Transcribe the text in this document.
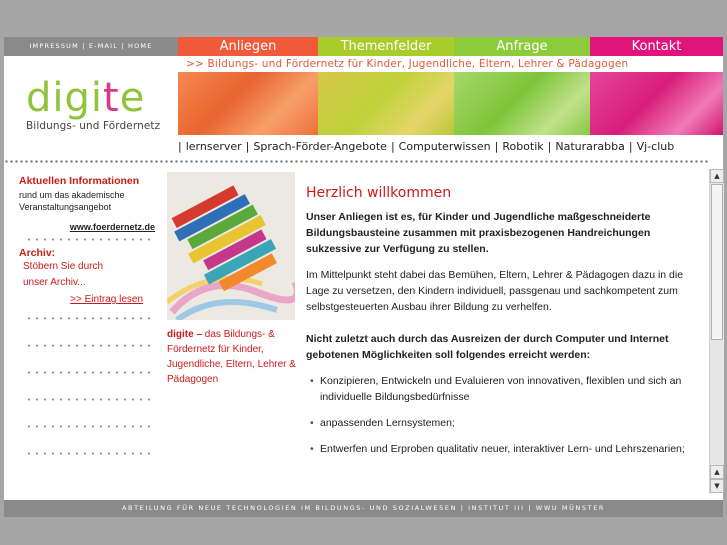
IMPRESSUM | E-MAIL | HOME	Anliegen	Themenfelder	Anfrage	Kontakt
>> Bildungs- und Fördernetz für Kinder, Jugendliche, Eltern, Lehrer & Pädagogen
digite
Bildungs- und Fördernetz
| lernserver | Sprach-Förder-Angebote | Computerwissen | Robotik | Naturarabba | Vj-club
Aktuellen Informationen
rund um das akademische Veranstaltungsangebot
www.foerdernetz.de
Archiv:
Stöbern Sie durch unser Archiv...
>> Eintrag lesen
digite – das Bildungs- & Fördernetz für Kinder, Jugendliche, Eltern, Lehrer & Pädagogen
Herzlich willkommen

Unser Anliegen ist es, für Kinder und Jugendliche maßgeschneiderte Bildungsbausteine zusammen mit praxisbezogenen Handreichungen sukzessive zur Verfügung zu stellen.

Im Mittelpunkt steht dabei das Bemühen, Eltern, Lehrer & Pädagogen dazu in die Lage zu versetzen, den Kindern individuell, passgenau und sachkompetent zum selbstgesteuerten Ausbau ihrer Bildung zu verhelfen.

Nicht zuletzt auch durch das Ausreizen der durch Computer und Internet gebotenen Möglichkeiten soll folgendes erreicht werden:

• Konzipieren, Entwickeln und Evaluieren von innovativen, flexiblen und sich an individuelle Bildungsbedürfnisse
• anpassenden Lernsystemen;
• Entwerfen und Erproben qualitativ neuer, interaktiver Lern- und Lehrszenarien;
▲
▲
▼
ABTEILUNG FÜR NEUE TECHNOLOGIEN IM BILDUNGS- UND SOZIALWESEN | INSTITUT III | WWU MÜNSTER
